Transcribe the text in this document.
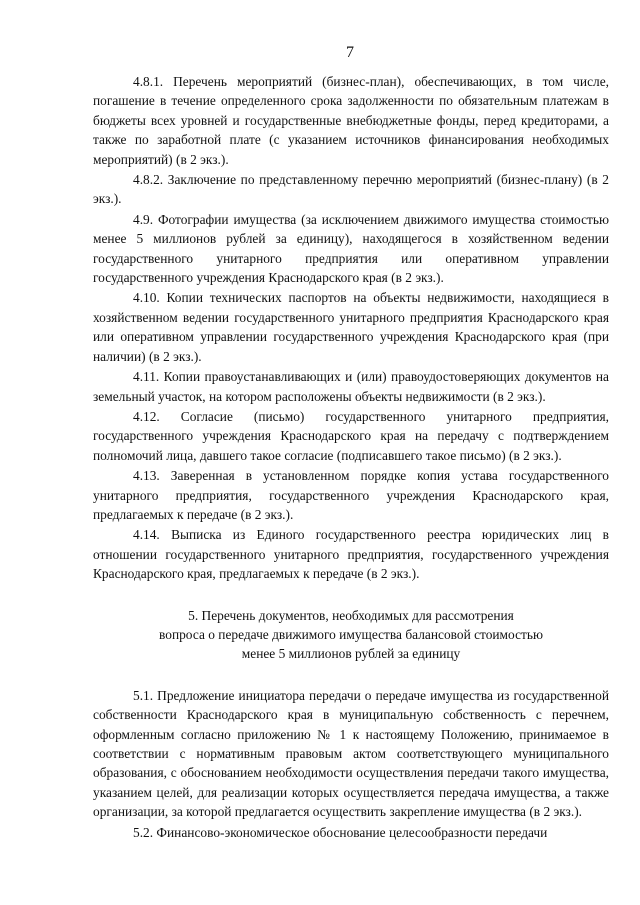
7

4.8.1. Перечень мероприятий (бизнес-план), обеспечивающих, в том числе, погашение в течение определенного срока задолженности по обязательным платежам в бюджеты всех уровней и государственные внебюджетные фонды, перед кредиторами, а также по заработной плате (с указанием источников финансирования необходимых мероприятий) (в 2 экз.).

4.8.2. Заключение по представленному перечню мероприятий (бизнес-плану) (в 2 экз.).

4.9. Фотографии имущества (за исключением движимого имущества стоимостью менее 5 миллионов рублей за единицу), находящегося в хозяйственном ведении государственного унитарного предприятия или оперативном управлении государственного учреждения Краснодарского края (в 2 экз.).

4.10. Копии технических паспортов на объекты недвижимости, находящиеся в хозяйственном ведении государственного унитарного предприятия Краснодарского края или оперативном управлении государственного учреждения Краснодарского края (при наличии) (в 2 экз.).

4.11. Копии правоустанавливающих и (или) правоудостоверяющих документов на земельный участок, на котором расположены объекты недвижимости (в 2 экз.).

4.12. Согласие (письмо) государственного унитарного предприятия, государственного учреждения Краснодарского края на передачу с подтверждением полномочий лица, давшего такое согласие (подписавшего такое письмо) (в 2 экз.).

4.13. Заверенная в установленном порядке копия устава государственного унитарного предприятия, государственного учреждения Краснодарского края, предлагаемых к передаче (в 2 экз.).

4.14. Выписка из Единого государственного реестра юридических лиц в отношении государственного унитарного предприятия, государственного учреждения Краснодарского края, предлагаемых к передаче (в 2 экз.).

5. Перечень документов, необходимых для рассмотрения
вопроса о передаче движимого имущества балансовой стоимостью
менее 5 миллионов рублей за единицу

5.1. Предложение инициатора передачи о передаче имущества из государственной собственности Краснодарского края в муниципальную собственность с перечнем, оформленным согласно приложению № 1 к настоящему Положению, принимаемое в соответствии с нормативным правовым актом соответствующего муниципального образования, с обоснованием необходимости осуществления передачи такого имущества, указанием целей, для реализации которых осуществляется передача имущества, а также организации, за которой предлагается осуществить закрепление имущества (в 2 экз.).

5.2. Финансово-экономическое обоснование целесообразности передачи
